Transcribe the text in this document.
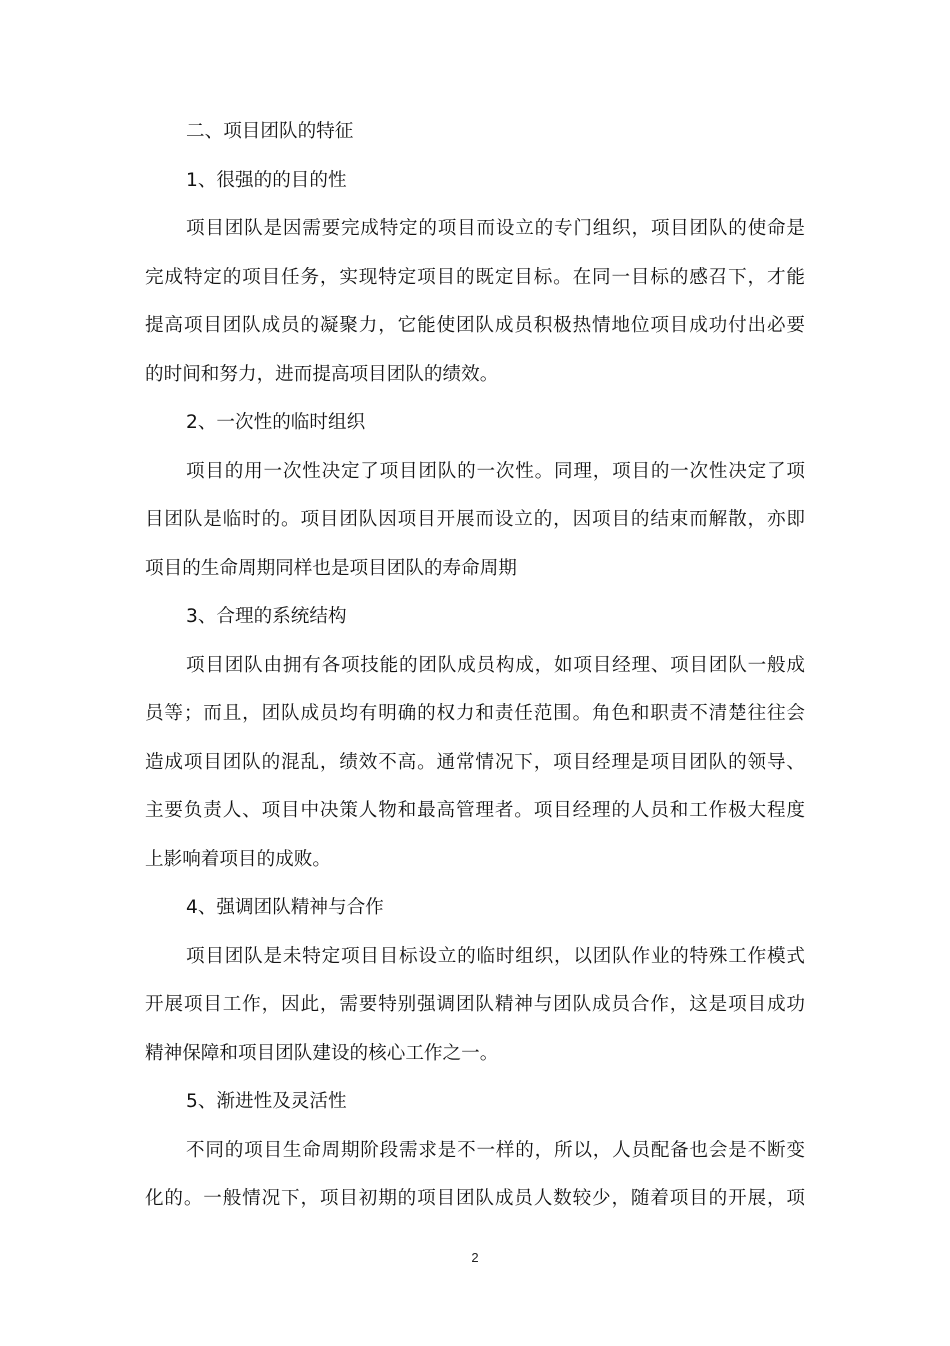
二、项目团队的特征
1、很强的的目的性
项目团队是因需要完成特定的项目而设立的专门组织，项目团队的使命是
完成特定的项目任务，实现特定项目的既定目标。在同一目标的感召下，才能
提高项目团队成员的凝聚力，它能使团队成员积极热情地位项目成功付出必要
的时间和努力，进而提高项目团队的绩效。
2、一次性的临时组织
项目的用一次性决定了项目团队的一次性。同理，项目的一次性决定了项
目团队是临时的。项目团队因项目开展而设立的，因项目的结束而解散，亦即
项目的生命周期同样也是项目团队的寿命周期
3、合理的系统结构
项目团队由拥有各项技能的团队成员构成，如项目经理、项目团队一般成
员等；而且，团队成员均有明确的权力和责任范围。角色和职责不清楚往往会
造成项目团队的混乱，绩效不高。通常情况下，项目经理是项目团队的领导、
主要负责人、项目中决策人物和最高管理者。项目经理的人员和工作极大程度
上影响着项目的成败。
4、强调团队精神与合作
项目团队是未特定项目目标设立的临时组织，以团队作业的特殊工作模式
开展项目工作，因此，需要特别强调团队精神与团队成员合作，这是项目成功
精神保障和项目团队建设的核心工作之一。
5、渐进性及灵活性
不同的项目生命周期阶段需求是不一样的，所以，人员配备也会是不断变
化的。一般情况下，项目初期的项目团队成员人数较少，随着项目的开展，项
2
